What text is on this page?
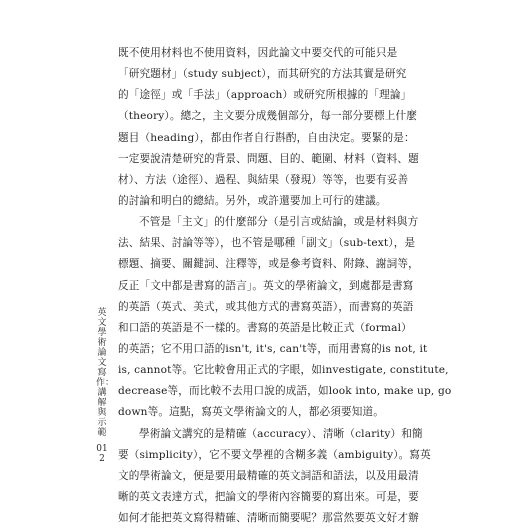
既不使用材料也不使用資料，因此論文中要交代的可能只是
「研究題材」（study subject），而其研究的方法其實是研究
的「途徑」或「手法」（approach）或研究所根據的「理論」
（theory）。總之，主文要分成幾個部分，每一部分要標上什麼
題目（heading），都由作者自行斟酌，自由決定。要緊的是：
一定要說清楚研究的背景、問題、目的、範圍、材料（資料、題
材）、方法（途徑）、過程、與結果（發現）等等，也要有妥善
的討論和明白的總結。另外，或許還要加上可行的建議。
不管是「主文」的什麼部分（是引言或結論，或是材料與方
法、結果、討論等等），也不管是哪種「副文」（sub-text），是
標題、摘要、關鍵詞、注釋等，或是參考資料、附錄、謝詞等，
反正「文中都是書寫的語言」。英文的學術論文，到處都是書寫
的英語（英式、美式，或其他方式的書寫英語），而書寫的英語
和口語的英語是不一樣的。書寫的英語是比較正式（formal）
的英語；它不用口語的isn't, it's, can't等，而用書寫的is not, it
is, cannot等。它比較會用正式的字眼，如investigate, constitute,
decrease等，而比較不去用口說的成語，如look into, make up, go
down等。這點，寫英文學術論文的人，都必須要知道。
學術論文講究的是精確（accuracy）、清晰（clarity）和簡
要（simplicity），它不要文學裡的含糊多義（ambiguity）。寫英
文的學術論文，便是要用最精確的英文詞語和語法，以及用最清
晰的英文表達方式，把論文的學術內容簡要的寫出來。可是，要
如何才能把英文寫得精確、清晰而簡要呢？那當然要英文好才辦
英文學術論文寫作：講解與示範
012
